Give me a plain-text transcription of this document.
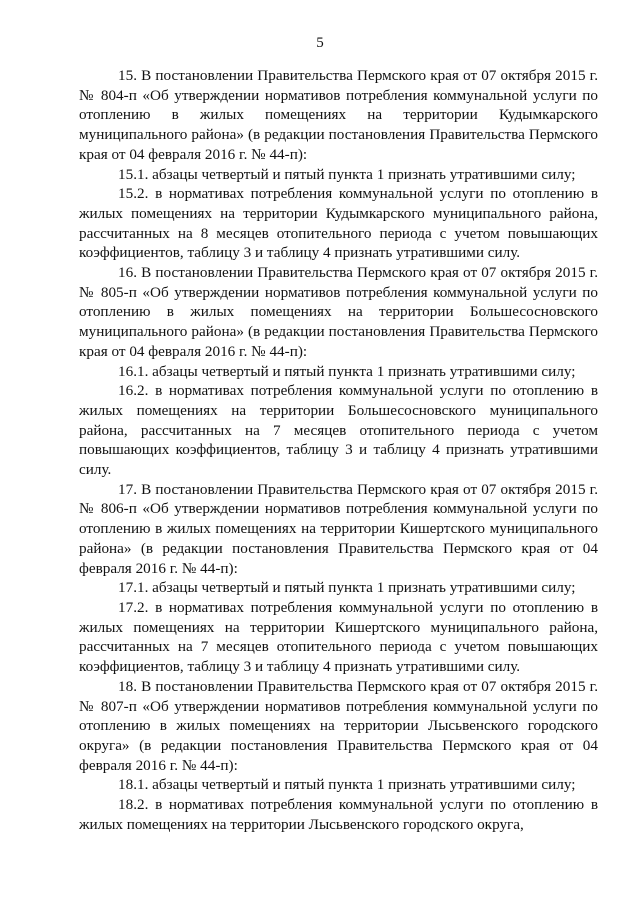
5

15. В постановлении Правительства Пермского края от 07 октября 2015 г. № 804-п «Об утверждении нормативов потребления коммунальной услуги по отоплению в жилых помещениях на территории Кудымкарского муниципального района» (в редакции постановления Правительства Пермского края от 04 февраля 2016 г. № 44-п):

15.1. абзацы четвертый и пятый пункта 1 признать утратившими силу;

15.2. в нормативах потребления коммунальной услуги по отоплению в жилых помещениях на территории Кудымкарского муниципального района, рассчитанных на 8 месяцев отопительного периода с учетом повышающих коэффициентов, таблицу 3 и таблицу 4 признать утратившими силу.

16. В постановлении Правительства Пермского края от 07 октября 2015 г. № 805-п «Об утверждении нормативов потребления коммунальной услуги по отоплению в жилых помещениях на территории Большесосновского муниципального района» (в редакции постановления Правительства Пермского края от 04 февраля 2016 г. № 44-п):

16.1. абзацы четвертый и пятый пункта 1 признать утратившими силу;

16.2. в нормативах потребления коммунальной услуги по отоплению в жилых помещениях на территории Большесосновского муниципального района, рассчитанных на 7 месяцев отопительного периода с учетом повышающих коэффициентов, таблицу 3 и таблицу 4 признать утратившими силу.

17. В постановлении Правительства Пермского края от 07 октября 2015 г. № 806-п «Об утверждении нормативов потребления коммунальной услуги по отоплению в жилых помещениях на территории Кишертского муниципального района» (в редакции постановления Правительства Пермского края от 04 февраля 2016 г. № 44-п):

17.1. абзацы четвертый и пятый пункта 1 признать утратившими силу;

17.2. в нормативах потребления коммунальной услуги по отоплению в жилых помещениях на территории Кишертского муниципального района, рассчитанных на 7 месяцев отопительного периода с учетом повышающих коэффициентов, таблицу 3 и таблицу 4 признать утратившими силу.

18. В постановлении Правительства Пермского края от 07 октября 2015 г. № 807-п «Об утверждении нормативов потребления коммунальной услуги по отоплению в жилых помещениях на территории Лысьвенского городского округа» (в редакции постановления Правительства Пермского края от 04 февраля 2016 г. № 44-п):

18.1. абзацы четвертый и пятый пункта 1 признать утратившими силу;

18.2. в нормативах потребления коммунальной услуги по отоплению в жилых помещениях на территории Лысьвенского городского округа,
